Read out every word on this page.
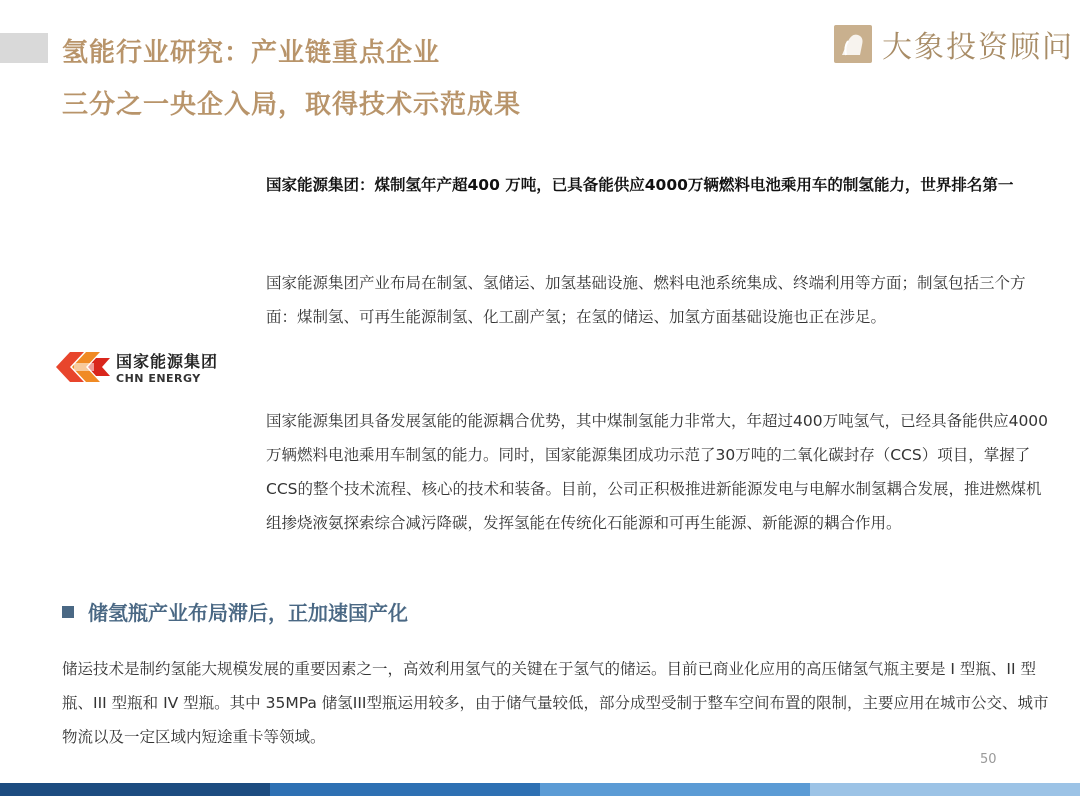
氢能行业研究：产业链重点企业
三分之一央企入局，取得技术示范成果
大象投资顾问
国家能源集团
CHN ENERGY
国家能源集团：煤制氢年产超400 万吨，已具备能供应4000万辆燃料电池乘用车的制氢能力，世界排名第一
国家能源集团产业布局在制氢、氢储运、加氢基础设施、燃料电池系统集成、终端利用等方面；制氢包括三个方面：煤制氢、可再生能源制氢、化工副产氢；在氢的储运、加氢方面基础设施也正在涉足。
国家能源集团具备发展氢能的能源耦合优势，其中煤制氢能力非常大，年超过400万吨氢气，已经具备能供应4000万辆燃料电池乘用车制氢的能力。同时，国家能源集团成功示范了30万吨的二氧化碳封存（CCS）项目，掌握了CCS的整个技术流程、核心的技术和装备。目前，公司正积极推进新能源发电与电解水制氢耦合发展，推进燃煤机组掺烧液氨探索综合减污降碳，发挥氢能在传统化石能源和可再生能源、新能源的耦合作用。
储氢瓶产业布局滞后，正加速国产化
储运技术是制约氢能大规模发展的重要因素之一，高效利用氢气的关键在于氢气的储运。目前已商业化应用的高压储氢气瓶主要是 I 型瓶、II 型瓶、III 型瓶和 IV 型瓶。其中 35MPa 储氢III型瓶运用较多，由于储气量较低，部分成型受制于整车空间布置的限制，主要应用在城市公交、城市物流以及一定区域内短途重卡等领域。
50
